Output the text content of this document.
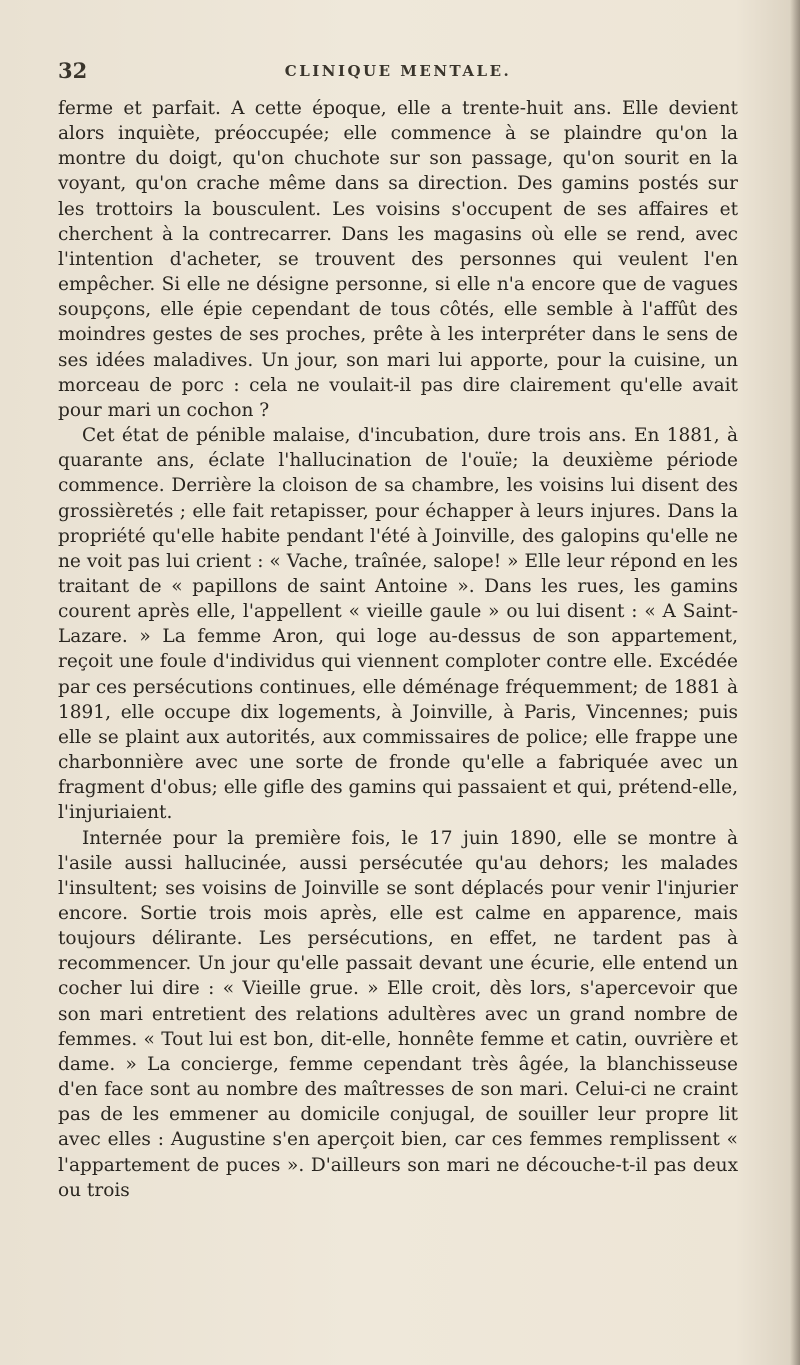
32	CLINIQUE MENTALE.

ferme et parfait. A cette époque, elle a trente-huit ans. Elle devient alors inquiète, préoccupée; elle commence à se plaindre qu'on la montre du doigt, qu'on chuchote sur son passage, qu'on sourit en la voyant, qu'on crache même dans sa direction. Des gamins postés sur les trottoirs la bousculent. Les voisins s'occupent de ses affaires et cherchent à la contrecarrer. Dans les magasins où elle se rend, avec l'intention d'acheter, se trouvent des personnes qui veulent l'en empêcher. Si elle ne désigne personne, si elle n'a encore que de vagues soupçons, elle épie cependant de tous côtés, elle semble à l'affût des moindres gestes de ses proches, prête à les interpréter dans le sens de ses idées maladives. Un jour, son mari lui apporte, pour la cuisine, un morceau de porc : cela ne voulait-il pas dire clairement qu'elle avait pour mari un cochon ?

Cet état de pénible malaise, d'incubation, dure trois ans. En 1881, à quarante ans, éclate l'hallucination de l'ouïe; la deuxième période commence. Derrière la cloison de sa chambre, les voisins lui disent des grossièretés ; elle fait retapisser, pour échapper à leurs injures. Dans la propriété qu'elle habite pendant l'été à Joinville, des galopins qu'elle ne ne voit pas lui crient : « Vache, traînée, salope! » Elle leur répond en les traitant de « papillons de saint Antoine ». Dans les rues, les gamins courent après elle, l'appellent « vieille gaule » ou lui disent : « A Saint-Lazare. » La femme Aron, qui loge au-dessus de son appartement, reçoit une foule d'individus qui viennent comploter contre elle. Excédée par ces persécutions continues, elle déménage fréquemment; de 1881 à 1891, elle occupe dix logements, à Joinville, à Paris, Vincennes; puis elle se plaint aux autorités, aux commissaires de police; elle frappe une charbonnière avec une sorte de fronde qu'elle a fabriquée avec un fragment d'obus; elle gifle des gamins qui passaient et qui, prétend-elle, l'injuriaient.

Internée pour la première fois, le 17 juin 1890, elle se montre à l'asile aussi hallucinée, aussi persécutée qu'au dehors; les malades l'insultent; ses voisins de Joinville se sont déplacés pour venir l'injurier encore. Sortie trois mois après, elle est calme en apparence, mais toujours délirante. Les persécutions, en effet, ne tardent pas à recommencer. Un jour qu'elle passait devant une écurie, elle entend un cocher lui dire : « Vieille grue. » Elle croit, dès lors, s'apercevoir que son mari entretient des relations adultères avec un grand nombre de femmes. « Tout lui est bon, dit-elle, honnête femme et catin, ouvrière et dame. » La concierge, femme cependant très âgée, la blanchisseuse d'en face sont au nombre des maîtresses de son mari. Celui-ci ne craint pas de les emmener au domicile conjugal, de souiller leur propre lit avec elles : Augustine s'en aperçoit bien, car ces femmes remplissent « l'appartement de puces ». D'ailleurs son mari ne découche-t-il pas deux ou trois
